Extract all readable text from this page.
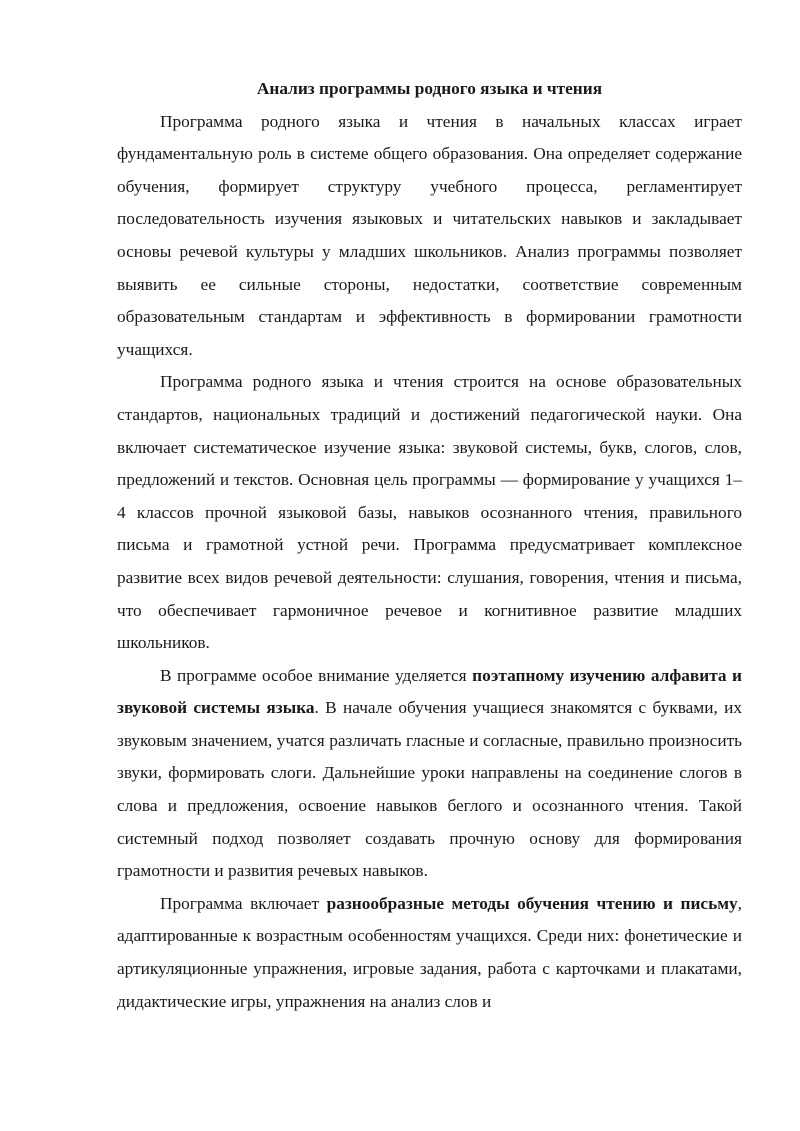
Анализ программы родного языка и чтения

Программа родного языка и чтения в начальных классах играет фундаментальную роль в системе общего образования. Она определяет содержание обучения, формирует структуру учебного процесса, регламентирует последовательность изучения языковых и читательских навыков и закладывает основы речевой культуры у младших школьников. Анализ программы позволяет выявить ее сильные стороны, недостатки, соответствие современным образовательным стандартам и эффективность в формировании грамотности учащихся.

Программа родного языка и чтения строится на основе образовательных стандартов, национальных традиций и достижений педагогической науки. Она включает систематическое изучение языка: звуковой системы, букв, слогов, слов, предложений и текстов. Основная цель программы — формирование у учащихся 1–4 классов прочной языковой базы, навыков осознанного чтения, правильного письма и грамотной устной речи. Программа предусматривает комплексное развитие всех видов речевой деятельности: слушания, говорения, чтения и письма, что обеспечивает гармоничное речевое и когнитивное развитие младших школьников.

В программе особое внимание уделяется поэтапному изучению алфавита и звуковой системы языка. В начале обучения учащиеся знакомятся с буквами, их звуковым значением, учатся различать гласные и согласные, правильно произносить звуки, формировать слоги. Дальнейшие уроки направлены на соединение слогов в слова и предложения, освоение навыков беглого и осознанного чтения. Такой системный подход позволяет создавать прочную основу для формирования грамотности и развития речевых навыков.

Программа включает разнообразные методы обучения чтению и письму, адаптированные к возрастным особенностям учащихся. Среди них: фонетические и артикуляционные упражнения, игровые задания, работа с карточками и плакатами, дидактические игры, упражнения на анализ слов и
